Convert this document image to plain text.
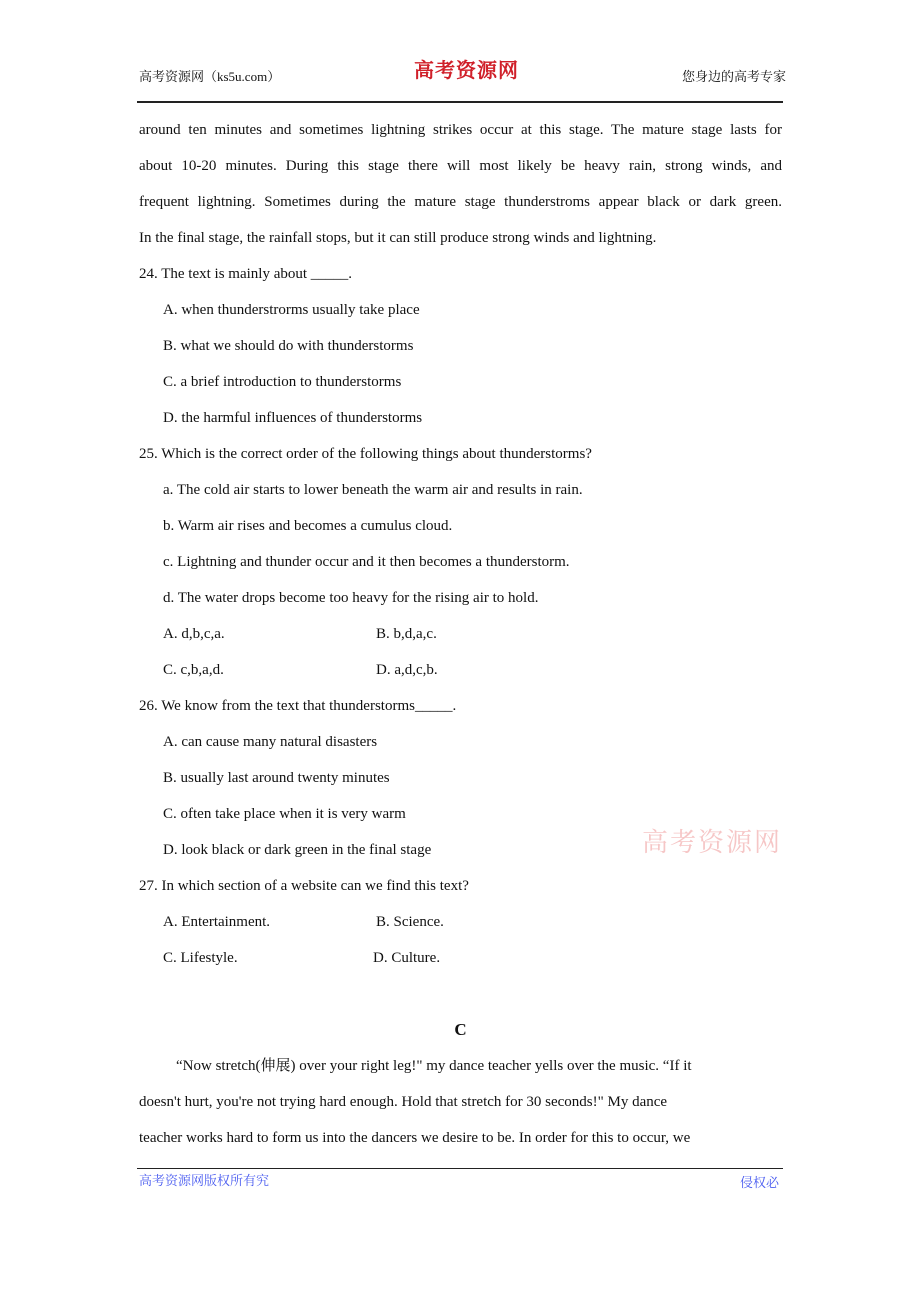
高考资源网（ks5u.com）	高考资源网	您身边的高考专家
around ten minutes and sometimes lightning strikes occur at this stage. The mature stage lasts for
about 10-20 minutes. During this stage there will most likely be heavy rain, strong winds, and
frequent lightning. Sometimes during the mature stage thunderstroms appear black or dark green.
In the final stage, the rainfall stops, but it can still produce strong winds and lightning.
24. The text is mainly about _____.
A. when thunderstrorms usually take place
B. what we should do with thunderstorms
C. a brief introduction to thunderstorms
D. the harmful influences of thunderstorms
25. Which is the correct order of the following things about thunderstorms?
a. The cold air starts to lower beneath the warm air and results in rain.
b. Warm air rises and becomes a cumulus cloud.
c. Lightning and thunder occur and it then becomes a thunderstorm.
d. The water drops become too heavy for the rising air to hold.
A. d,b,c,a.	B. b,d,a,c.
C. c,b,a,d.	D. a,d,c,b.
26. We know from the text that thunderstorms_____.
A. can cause many natural disasters
B. usually last around twenty minutes
C. often take place when it is very warm
D. look black or dark green in the final stage
27. In which section of a website can we find this text?
A. Entertainment.	B. Science.
C. Lifestyle.	D. Culture.
C
“Now stretch(伸展) over your right leg!" my dance teacher yells over the music. “If it
doesn't hurt, you're not trying hard enough. Hold that stretch for 30 seconds!" My dance
teacher works hard to form us into the dancers we desire to be. In order for this to occur, we
高考资源网
高考资源网版权所有究	侵权必
